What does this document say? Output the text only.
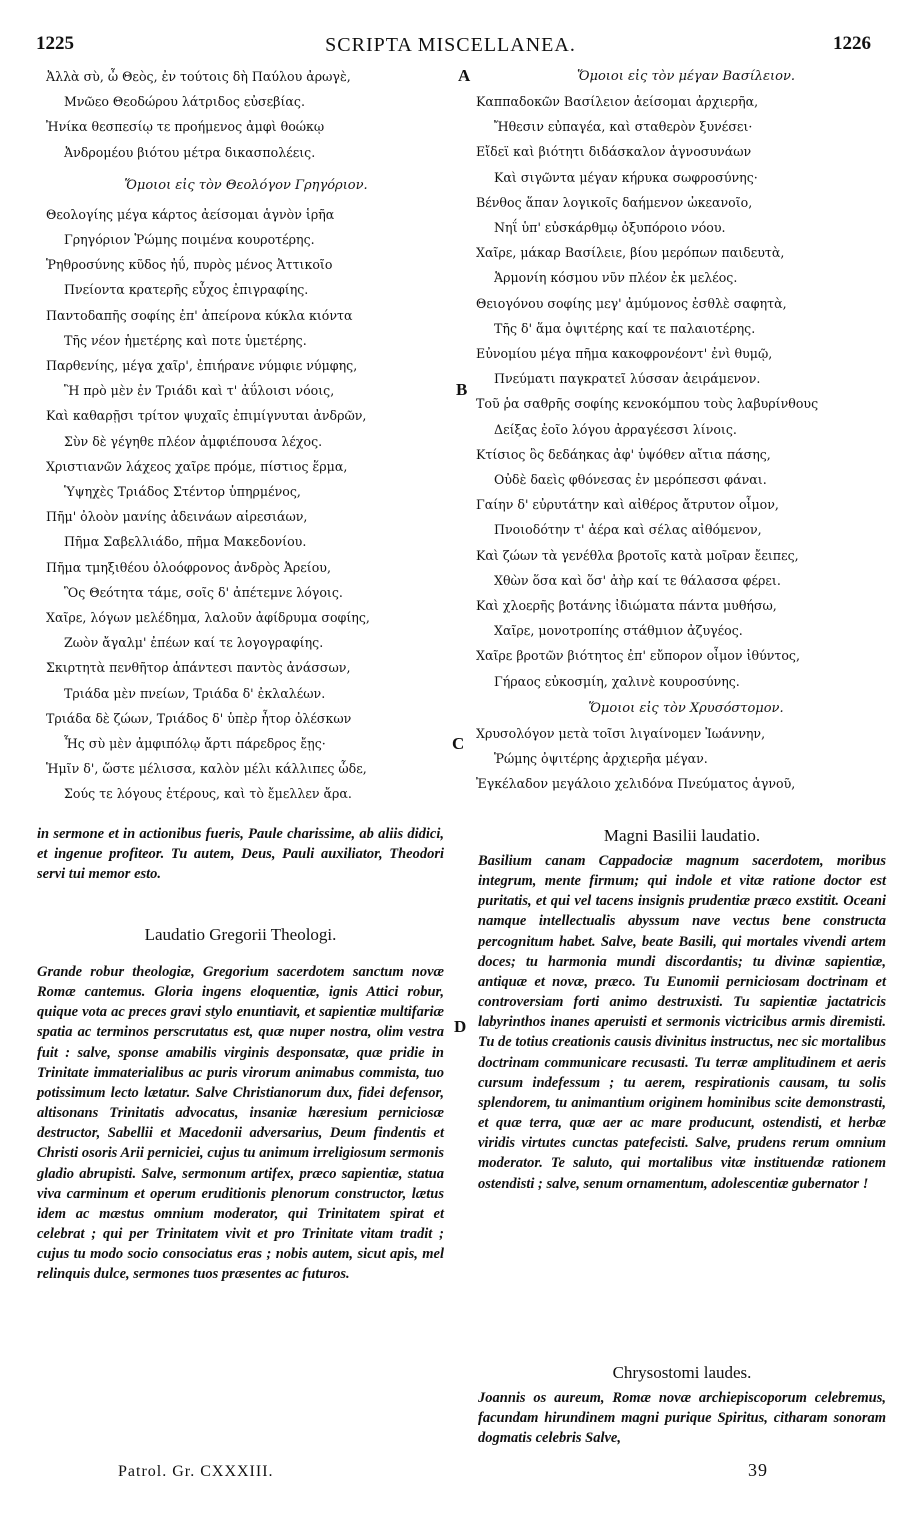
1225	SCRIPTA MISCELLANEA.	1226

Ἀλλὰ σὺ, ὦ Θεὸς, ἐν τούτοις δὴ Παύλου ἀρωγὲ,

Μνῶεο Θεοδώρου λάτριδος εὐσεβίας.

Ἠνίκα θεσπεσίῳ τε προήμενος ἀμφὶ θοώκῳ

Ἀνδρομέου βιότου μέτρα δικασπολέεις.

Ὅμοιοι εἰς τὸν Θεολόγον Γρηγόριον.

Θεολογίης μέγα κάρτος ἀείσομαι ἁγνὸν ἱρῆα

Γρηγόριον Ῥώμης ποιμένα κουροτέρης.

Ῥηθροσύνης κῦδος ἠΰ, πυρὸς μένος Ἀττικοῖο

Πνείοντα κρατερῆς εὖχος ἐπιγραφίης.

Παντοδαπῆς σοφίης ἐπ' ἀπείρονα κύκλα κιόντα

Τῆς νέον ἡμετέρης καὶ ποτε ὑμετέρης.

Παρθενίης, μέγα χαῖρ', ἐπιήρανε νύμφιε νύμφης,

Ἣ πρὸ μὲν ἐν Τριάδι καὶ τ' ἀΰλοισι νόοις,

Καὶ καθαρῇσι τρίτον ψυχαῖς ἐπιμίγνυται ἀνδρῶν,

Σὺν δὲ γέγηθε πλέον ἀμφιέπουσα λέχος.

Χριστιανῶν λάχεος χαῖρε πρόμε, πίστιος ἕρμα,

Ὑψηχὲς Τριάδος Στέντορ ὑπηρμένος,

Πῆμ' ὀλοὸν μανίης ἀδεινάων αἱρεσιάων,

Πῆμα Σαβελλιάδο, πῆμα Μακεδονίου.

Πῆμα τμηξιθέου ὀλοόφρονος ἀνδρὸς Ἀρείου,

Ὃς Θεότητα τάμε, σοῖς δ' ἀπέτεμνε λόγοις.

Χαῖρε, λόγων μελέδημα, λαλοῦν ἀφίδρυμα σοφίης,

Ζωὸν ἄγαλμ' ἐπέων καί τε λογογραφίης.

Σκιρτητὰ πενθῆτορ ἁπάντεσι παντὸς ἀνάσσων,

Τριάδα μὲν πνείων, Τριάδα δ' ἐκλαλέων.

Τριάδα δὲ ζώων, Τριάδος δ' ὑπὲρ ἦτορ ὀλέσκων

Ἧς σὺ μὲν ἀμφιπόλῳ ἄρτι πάρεδρος ἔῃς·

Ἡμῖν δ', ὥστε μέλισσα, καλὸν μέλι κάλλιπες ὧδε,

Σούς τε λόγους ἑτέρους, καὶ τὸ ἔμελλεν ἄρα.

Ὅμοιοι εἰς τὸν μέγαν Βασίλειον.

Καππαδοκῶν Βασίλειον ἀείσομαι ἀρχιερῆα,

Ἤθεσιν εὐπαγέα, καὶ σταθερὸν ξυνέσει·

Εἴδεϊ καὶ βιότητι διδάσκαλον ἁγνοσυνάων

Καὶ σιγῶντα μέγαν κήρυκα σωφροσύνης·

Βένθος ἅπαν λογικοῖς δαήμενον ὠκεανοῖο,

Νηΐ ὑπ' εὐσκάρθμῳ ὀξυπόροιο νόου.

Χαῖρε, μάκαρ Βασίλειε, βίου μερόπων παιδευτὰ,

Ἁρμονίη κόσμου νῦν πλέον ἐκ μελέος.

Θειογόνου σοφίης μεγ' ἀμύμονος ἐσθλὲ σαφητὰ,

Τῆς δ' ἅμα ὀψιτέρης καί τε παλαιοτέρης.

Εὐνομίου μέγα πῆμα κακοφρονέοντ' ἐνὶ θυμῷ,

Πνεύματι παγκρατεῖ λύσσαν ἀειράμενον.

Τοῦ ῥα σαθρῆς σοφίης κενοκόμπου τοὺς λαβυρίνθους

Δείξας ἐοῖο λόγου ἀρραγέεσσι λίνοις.

Κτίσιος ὃς δεδάηκας ἀφ' ὑψόθεν αἴτια πάσης,

Οὐδὲ δαεὶς φθόνεσας ἐν μερόπεσσι φάναι.

Γαίην δ' εὐρυτάτην καὶ αἰθέρος ἄτρυτον οἶμον,

Πνοιοδότην τ' ἀέρα καὶ σέλας αἰθόμενον,

Καὶ ζώων τὰ γενέθλα βροτοῖς κατὰ μοῖραν ἔειπες,

Χθὼν ὅσα καὶ ὅσ' ἀὴρ καί τε θάλασσα φέρει.

Καὶ χλοερῆς βοτάνης ἰδιώματα πάντα μυθήσω,

Χαῖρε, μονοτροπίης στάθμιον ἀζυγέος.

Χαῖρε βροτῶν βιότητος ἐπ' εὔπορον οἶμον ἰθύντος,

Γήραος εὐκοσμίη, χαλινὲ κουροσύνης.

Ὅμοιοι εἰς τὸν Χρυσόστομον.

Χρυσολόγον μετὰ τοῖσι λιγαίνομεν Ἰωάννην,

Ῥώμης ὀψιτέρης ἀρχιερῆα μέγαν.

Ἐγκέλαδον μεγάλοιο χελιδόνα Πνεύματος ἁγνοῦ,

A
B
C
D

in sermone et in actionibus fueris, Paule charissime, ab aliis didici, et ingenue profiteor. Tu autem, Deus, Pauli auxiliator, Theodori servi tui memor esto.

Laudatio Gregorii Theologi.

Grande robur theologiæ, Gregorium sacerdotem sanctum novæ Romæ cantemus. Gloria ingens eloquentiæ, ignis Attici robur, quique vota ac preces gravi stylo enuntiavit, et sapientiæ multifariæ spatia ac terminos perscrutatus est, quæ nuper nostra, olim vestra fuit : salve, sponse amabilis virginis desponsatæ, quæ pridie in Trinitate immaterialibus ac puris virorum animabus commista, tuo potissimum lecto lætatur. Salve Christianorum dux, fidei defensor, altisonans Trinitatis advocatus, insaniæ hæresium perniciosæ destructor, Sabellii et Macedonii adversarius, Deum findentis et Christi osoris Arii perniciei, cujus tu animum irreligiosum sermonis gladio abrupisti. Salve, sermonum artifex, præco sapientiæ, statua viva carminum et operum eruditionis plenorum constructor, lætus idem ac mæstus omnium moderator, qui Trinitatem spirat et celebrat ; qui per Trinitatem vivit et pro Trinitate vitam tradit ; cujus tu modo socio consociatus eras ; nobis autem, sicut apis, mel relinquis dulce, sermones tuos præsentes ac futuros.

Magni Basilii laudatio.

Basilium canam Cappadociæ magnum sacerdotem, moribus integrum, mente firmum; qui indole et vitæ ratione doctor est puritatis, et qui vel tacens insignis prudentiæ præco exstitit. Oceani namque intellectualis abyssum nave vectus bene constructa percognitum habet. Salve, beate Basili, qui mortales vivendi artem doces; tu harmonia mundi discordantis; tu divinæ sapientiæ, antiquæ et novæ, præco. Tu Eunomii perniciosam doctrinam et controversiam forti animo destruxisti. Tu sapientiæ jactatricis labyrinthos inanes aperuisti et sermonis victricibus armis diremisti. Tu de totius creationis causis divinitus instructus, nec sic mortalibus doctrinam communicare recusasti. Tu terræ amplitudinem et aeris cursum indefessum ; tu aerem, respirationis causam, tu solis splendorem, tu animantium originem hominibus scite demonstrasti, et quæ terra, quæ aer ac mare producunt, ostendisti, et herbæ viridis virtutes cunctas patefecisti. Salve, prudens rerum omnium moderator. Te saluto, qui mortalibus vitæ instituendæ rationem ostendisti ; salve, senum ornamentum, adolescentiæ gubernator !

Chrysostomi laudes.

Joannis os aureum, Romæ novæ archiepiscoporum celebremus, facundam hirundinem magni purique Spiritus, citharam sonoram dogmatis celebris Salve,

Patrol. Gr. CXXXIII.	39
